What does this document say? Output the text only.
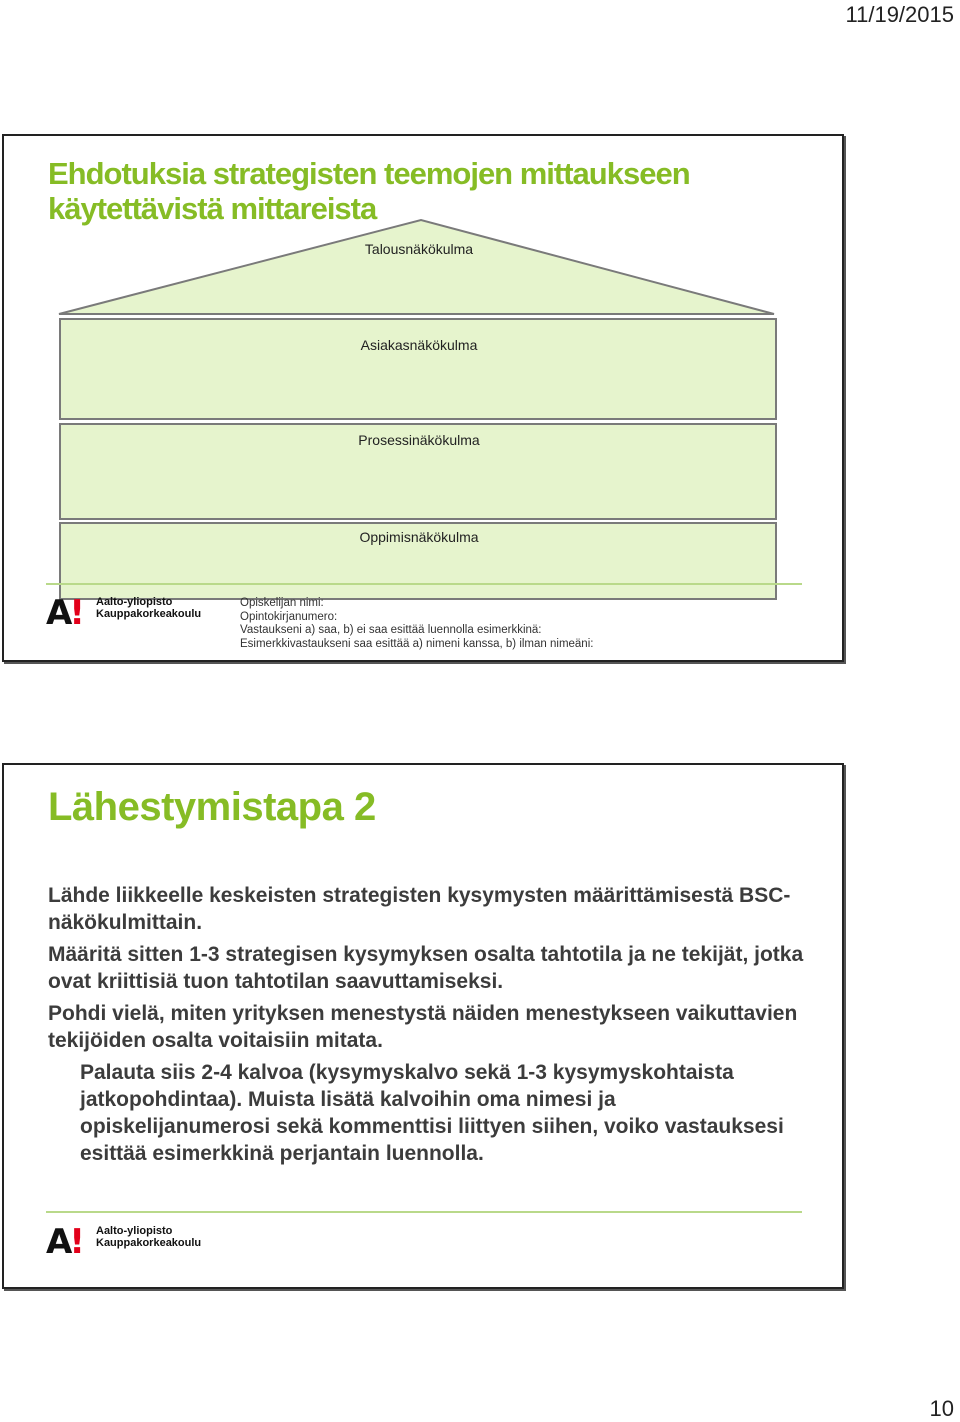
11/19/2015
Ehdotuksia strategisten teemojen mittaukseen
käytettävistä mittareista
Talousnäkökulma
Asiakasnäkökulma
Prosessinäkökulma
Oppimisnäkökulma
A! Aalto-yliopisto
Kauppakorkeakoulu
Opiskelijan nimi:
Opintokirjanumero:
Vastaukseni a) saa, b) ei saa esittää luennolla esimerkkinä:
Esimerkkivastaukseni saa esittää a) nimeni kanssa, b) ilman nimeäni:
Lähestymistapa 2

Lähde liikkeelle keskeisten strategisten kysymysten määrittämisestä BSC-näkökulmittain.

Määritä sitten 1-3 strategisen kysymyksen osalta tahtotila ja ne tekijät, jotka ovat kriittisiä tuon tahtotilan saavuttamiseksi.

Pohdi vielä, miten yrityksen menestystä näiden menestykseen vaikuttavien tekijöiden osalta voitaisiin mitata.

Palauta siis 2-4 kalvoa (kysymyskalvo sekä 1-3 kysymyskohtaista jatkopohdintaa). Muista lisätä kalvoihin oma nimesi ja opiskelijanumerosi sekä kommenttisi liittyen siihen, voiko vastauksesi esittää esimerkkinä perjantain luennolla.

A! Aalto-yliopisto
Kauppakorkeakoulu
10
